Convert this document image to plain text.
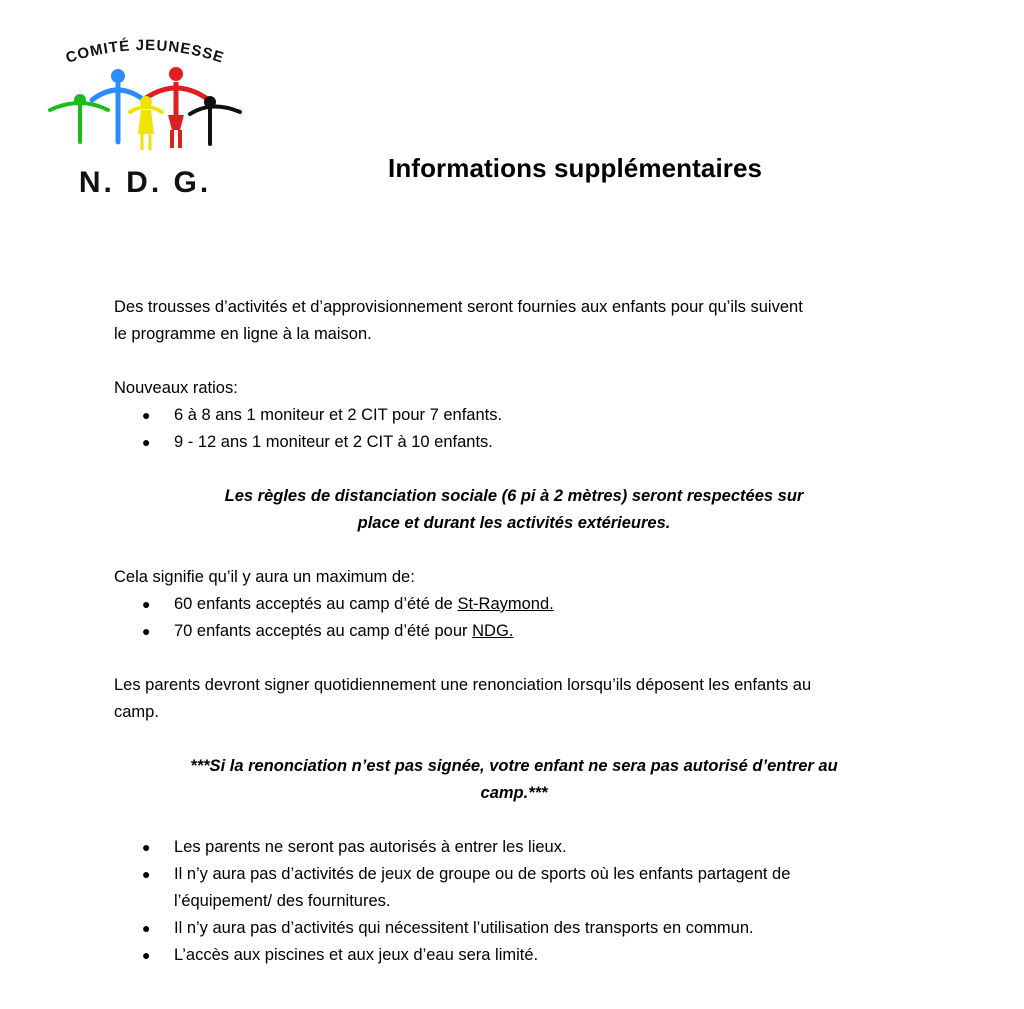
COMITÉ JEUNESSE
N. D. G.	Informations supplémentaires

Des trousses d’activités et d’approvisionnement seront fournies aux enfants pour qu’ils suivent

le programme en ligne à la maison.

Nouveaux ratios:

● 6 à 8 ans 1 moniteur et 2 CIT pour 7 enfants.
● 9 - 12 ans 1 moniteur et 2 CIT à 10 enfants.

Les règles de distanciation sociale (6 pi à 2 mètres) seront respectées sur

place et durant les activités extérieures.

Cela signifie qu’il y aura un maximum de:

● 60 enfants acceptés au camp d’été de St-Raymond.
● 70 enfants acceptés au camp d’été pour NDG.

Les parents devront signer quotidiennement une renonciation lorsqu’ils déposent les enfants au

camp.

***Si la renonciation n’est pas signée, votre enfant ne sera pas autorisé d’entrer au

camp.***

● Les parents ne seront pas autorisés à entrer les lieux.
● Il n’y aura pas d’activités de jeux de groupe ou de sports où les enfants partagent de
l’équipement/ des fournitures.
● Il n’y aura pas d’activités qui nécessitent l’utilisation des transports en commun.
● L’accès aux piscines et aux jeux d’eau sera limité.
